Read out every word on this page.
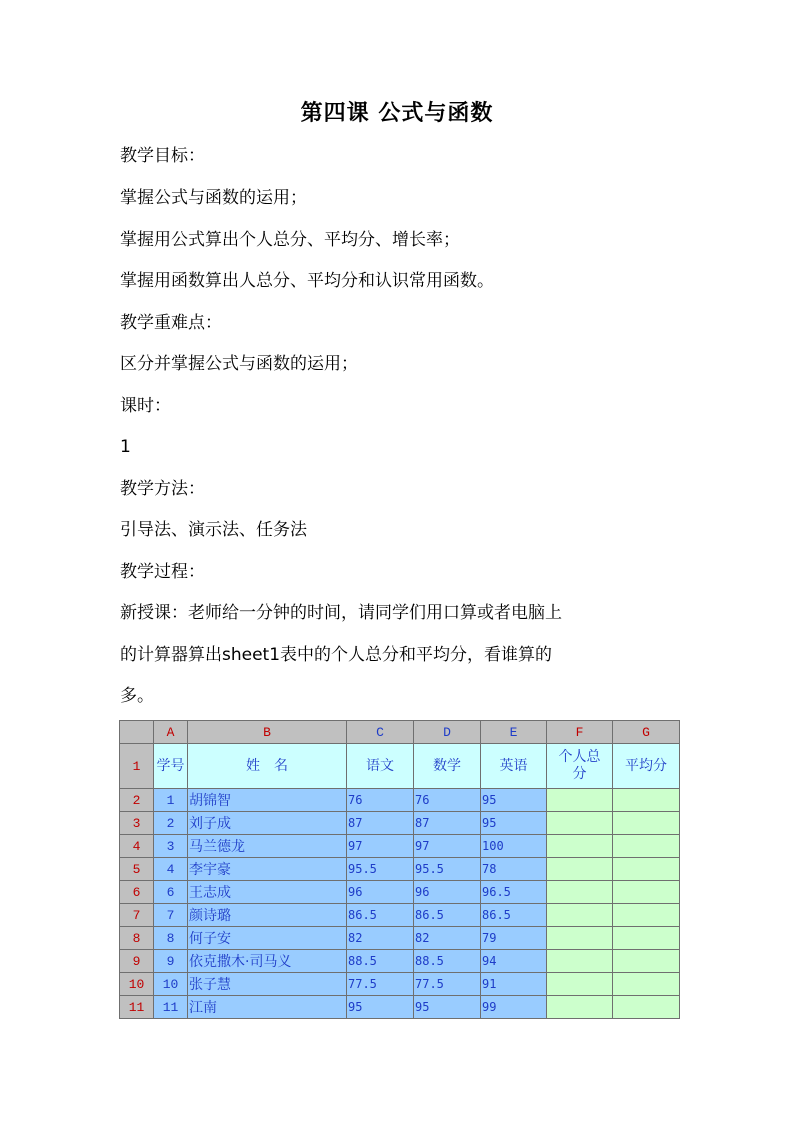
第四课 公式与函数
教学目标：
掌握公式与函数的运用；
掌握用公式算出个人总分、平均分、增长率；
掌握用函数算出人总分、平均分和认识常用函数。
教学重难点：
区分并掌握公式与函数的运用；
课时：
1
教学方法：
引导法、演示法、任务法
教学过程：
新授课：老师给一分钟的时间，请同学们用口算或者电脑上
的计算器算出sheet1表中的个人总分和平均分，看谁算的
多。
	A	B	C	D	E	F	G
1	学号	姓　名	语文	数学	英语	个人总分	平均分
2	1	胡锦智	76	76	95		
3	2	刘子成	87	87	95		
4	3	马兰德龙	97	97	100		
5	4	李宇豪	95.5	95.5	78		
6	6	王志成	96	96	96.5		
7	7	颜诗璐	86.5	86.5	86.5		
8	8	何子安	82	82	79		
9	9	依克撒木·司马义	88.5	88.5	94		
10	10	张子慧	77.5	77.5	91		
11	11	江南	95	95	99		
